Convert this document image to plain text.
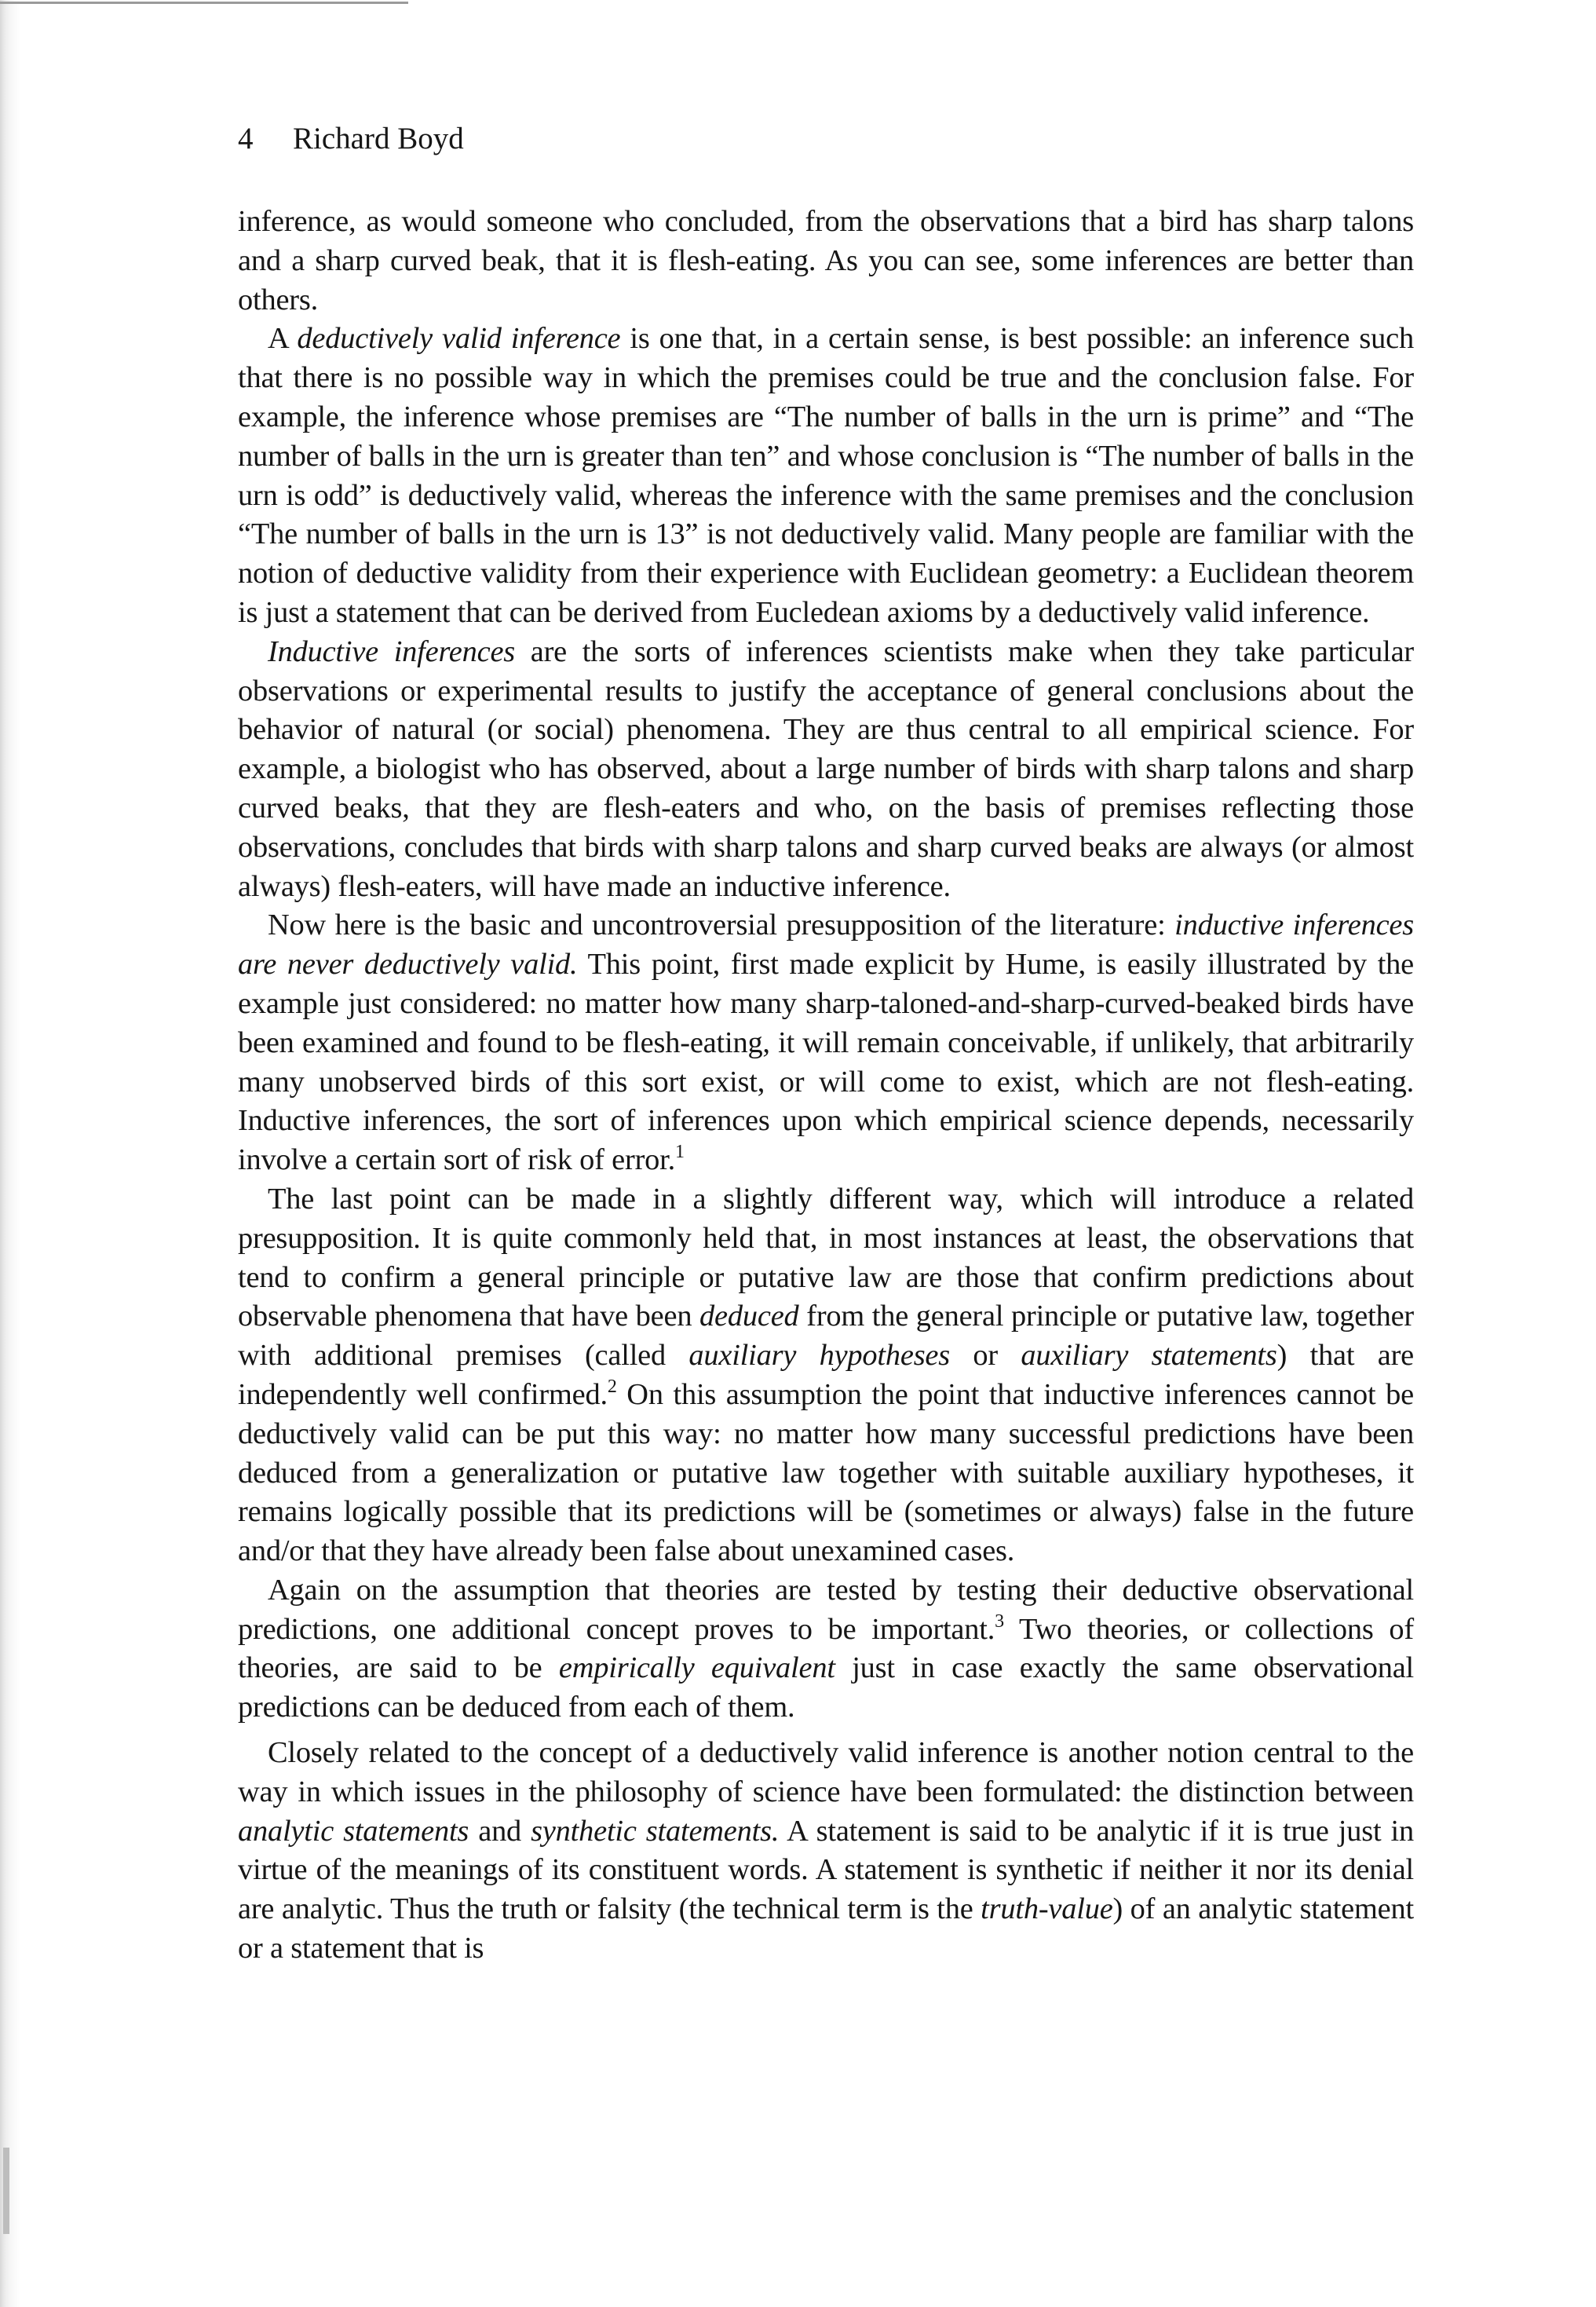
4 Richard Boyd

inference, as would someone who concluded, from the observations that a bird has sharp talons and a sharp curved beak, that it is flesh-eating. As you can see, some inferences are better than others.

A deductively valid inference is one that, in a certain sense, is best possible: an inference such that there is no possible way in which the premises could be true and the conclusion false. For example, the inference whose premises are “The number of balls in the urn is prime” and “The number of balls in the urn is greater than ten” and whose conclusion is “The number of balls in the urn is odd” is deductively valid, whereas the inference with the same premises and the conclusion “The number of balls in the urn is 13” is not deductively valid. Many people are familiar with the notion of deductive validity from their experience with Euclidean geometry: a Euclidean theorem is just a statement that can be derived from Eucledean axioms by a deductively valid inference.

Inductive inferences are the sorts of inferences scientists make when they take particular observations or experimental results to justify the acceptance of general conclusions about the behavior of natural (or social) phenomena. They are thus central to all empirical science. For example, a biologist who has observed, about a large number of birds with sharp talons and sharp curved beaks, that they are flesh-eaters and who, on the basis of premises reflecting those observations, concludes that birds with sharp talons and sharp curved beaks are always (or almost always) flesh-eaters, will have made an inductive inference.

Now here is the basic and uncontroversial presupposition of the literature: inductive inferences are never deductively valid. This point, first made explicit by Hume, is easily illustrated by the example just considered: no matter how many sharp-taloned-and-sharp-curved-beaked birds have been examined and found to be flesh-eating, it will remain conceivable, if unlikely, that arbitrarily many unobserved birds of this sort exist, or will come to exist, which are not flesh-eating. Inductive inferences, the sort of inferences upon which empirical science depends, necessarily involve a certain sort of risk of error.$^1$

The last point can be made in a slightly different way, which will introduce a related presupposition. It is quite commonly held that, in most instances at least, the observations that tend to confirm a general principle or putative law are those that confirm predictions about observable phenomena that have been deduced from the general principle or putative law, together with additional premises (called auxiliary hypotheses or auxiliary statements) that are independently well confirmed.$^2$ On this assumption the point that inductive inferences cannot be deductively valid can be put this way: no matter how many successful predictions have been deduced from a generalization or putative law together with suitable auxiliary hypotheses, it remains logically possible that its predictions will be (sometimes or always) false in the future and/or that they have already been false about unexamined cases.

Again on the assumption that theories are tested by testing their deductive observational predictions, one additional concept proves to be important.$^3$ Two theories, or collections of theories, are said to be empirically equivalent just in case exactly the same observational predictions can be deduced from each of them.

Closely related to the concept of a deductively valid inference is another notion central to the way in which issues in the philosophy of science have been formulated: the distinction between analytic statements and synthetic statements. A statement is said to be analytic if it is true just in virtue of the meanings of its constituent words. A statement is synthetic if neither it nor its denial are analytic. Thus the truth or falsity (the technical term is the truth-value) of an analytic statement or a statement that is
